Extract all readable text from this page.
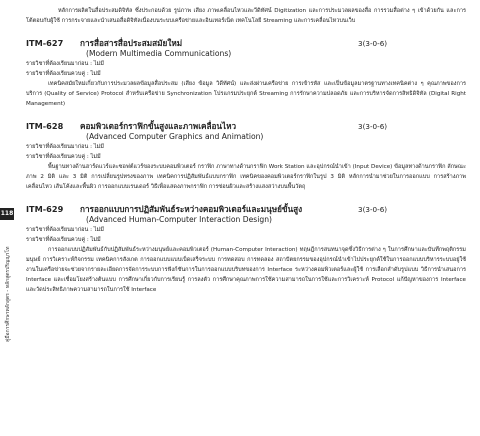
118
คู่มือการศึกษาหลักสูตร - หลักสูตรปริญญาโท

หลักการผลิตในสื่อประสมดิจิทัล ซึ่งประกอบด้วย รูปภาพ เสียง ภาพเคลื่อนไหวและวีดิทัศน์ Digitization และการประมวลผลของสื่อ การรวมสื่อต่าง ๆ เข้าด้วยกัน และการโต้ตอบกับผู้ใช้ การกระจายและนำเสนอสื่อดิจิทัลเนื่องบนระบบเครือข่ายและอินเทอร์เน็ต เทคโนโลยี Streaming และการเคลื่อนไหวบนเว็บ

ITM-627	การสื่อสารสื่อประสมสมัยใหม่	3(3-0-6)
(Modern Multimedia Communications)
รายวิชาที่ต้องเรียนมาก่อน : ไม่มี
รายวิชาที่ต้องเรียนควบคู่ : ไม่มี

เทคนิคสมัยใหม่เกี่ยวกับการประมวลผลข้อมูลสื่อประสม (เสียง ข้อมูล วิดีทัศน์) และส่งผ่านเครือข่าย การเข้ารหัส และเป็นข้อมูลมาตรฐานทางเทคนิคต่าง ๆ คุณภาพของการบริการ (Quality of Service) Protocol สำหรับเครือข่าย Synchronization โปรแกรมประยุกต์ Streaming การรักษาความปลอดภัย และการบริหารจัดการสิทธิดิจิทัล (Digital Right Management)

ITM-628	คอมพิวเตอร์กราฟิกขั้นสูงและภาพเคลื่อนไหว	3(3-0-6)
(Advanced Computer Graphics and Animation)
รายวิชาที่ต้องเรียนมาก่อน : ไม่มี
รายวิชาที่ต้องเรียนควบคู่ : ไม่มี

พื้นฐานทางด้านฮาร์ดแวร์และซอฟต์แวร์ของระบบคอมพิวเตอร์ กราฟิก ภาษาทางด้านกราฟิก Work Station และอุปกรณ์นำเข้า (Input Device) ข้อมูลทางด้านกราฟิก ลักษณะภาพ 2 มิติ และ 3 มิติ การเปลี่ยนรูปทรงของภาพ เทคนิคการปฏิสัมพันธ์แบบกราฟิก เทคนิคของคอมพิวเตอร์กราฟิกในรูป 3 มิติ หลักการนำมาช่วยในการออกแบบ การสร้างภาพเคลื่อนไหว เส้นโค้งและพื้นผิว การออกแบบเรนเดอร์ วิธีเพื่อแสดงภาพกราฟิก การซ่อนผิวและสร้างแสงสว่างบนพื้นวัตถุ

ITM-629	การออกแบบการปฏิสัมพันธ์ระหว่างคอมพิวเตอร์และมนุษย์ขั้นสูง	3(3-0-6)
(Advanced Human-Computer Interaction Design)
รายวิชาที่ต้องเรียนมาก่อน : ไม่มี
รายวิชาที่ต้องเรียนควบคู่ : ไม่มี

การออกแบบปฏิสัมพันธ์กับปฏิสัมพันธ์ระหว่างมนุษย์และคอมพิวเตอร์ (Human-Computer Interaction) ทฤษฎีการสนทนาจุดซึ่งวิธีการต่าง ๆ ในการศึกษาและบันทึกพฤติกรรมมนุษย์ การวิเคราะห์กิจกรรม เทคนิคการสังเกต การออกแบบแบบเบ็ดเสร็จระบบ การทดสอบ การทดลอง สถาปัตยกรรมของอุปกรณ์นำเข้าไปประยุกต์ใช้ในการออกแบบบริหารระบบอยู่ใช้งานในเครือข่ายจะช่วยจากรายละเอียดการจัดการระบบการฟังก์ชันการในการออกแบบบริบทของการ Interface ระหว่างคอมพิวเตอร์และผู้ใช้ การเลือกลำดับรูปแบบ วิธีการนำเสนอการ Interface และเชื่อมโยงสร้างต้นแบบ การศึกษาเกี่ยวกับการเรียนรู้ การลงตัว การศึกษาคุณภาพการใช้ความสามารถในการใช้และการวิเคราะห์ Protocol แก้ปัญหาของการ Interface และวัดประสิทธิภาพความสามารถในการใช้ Interface
